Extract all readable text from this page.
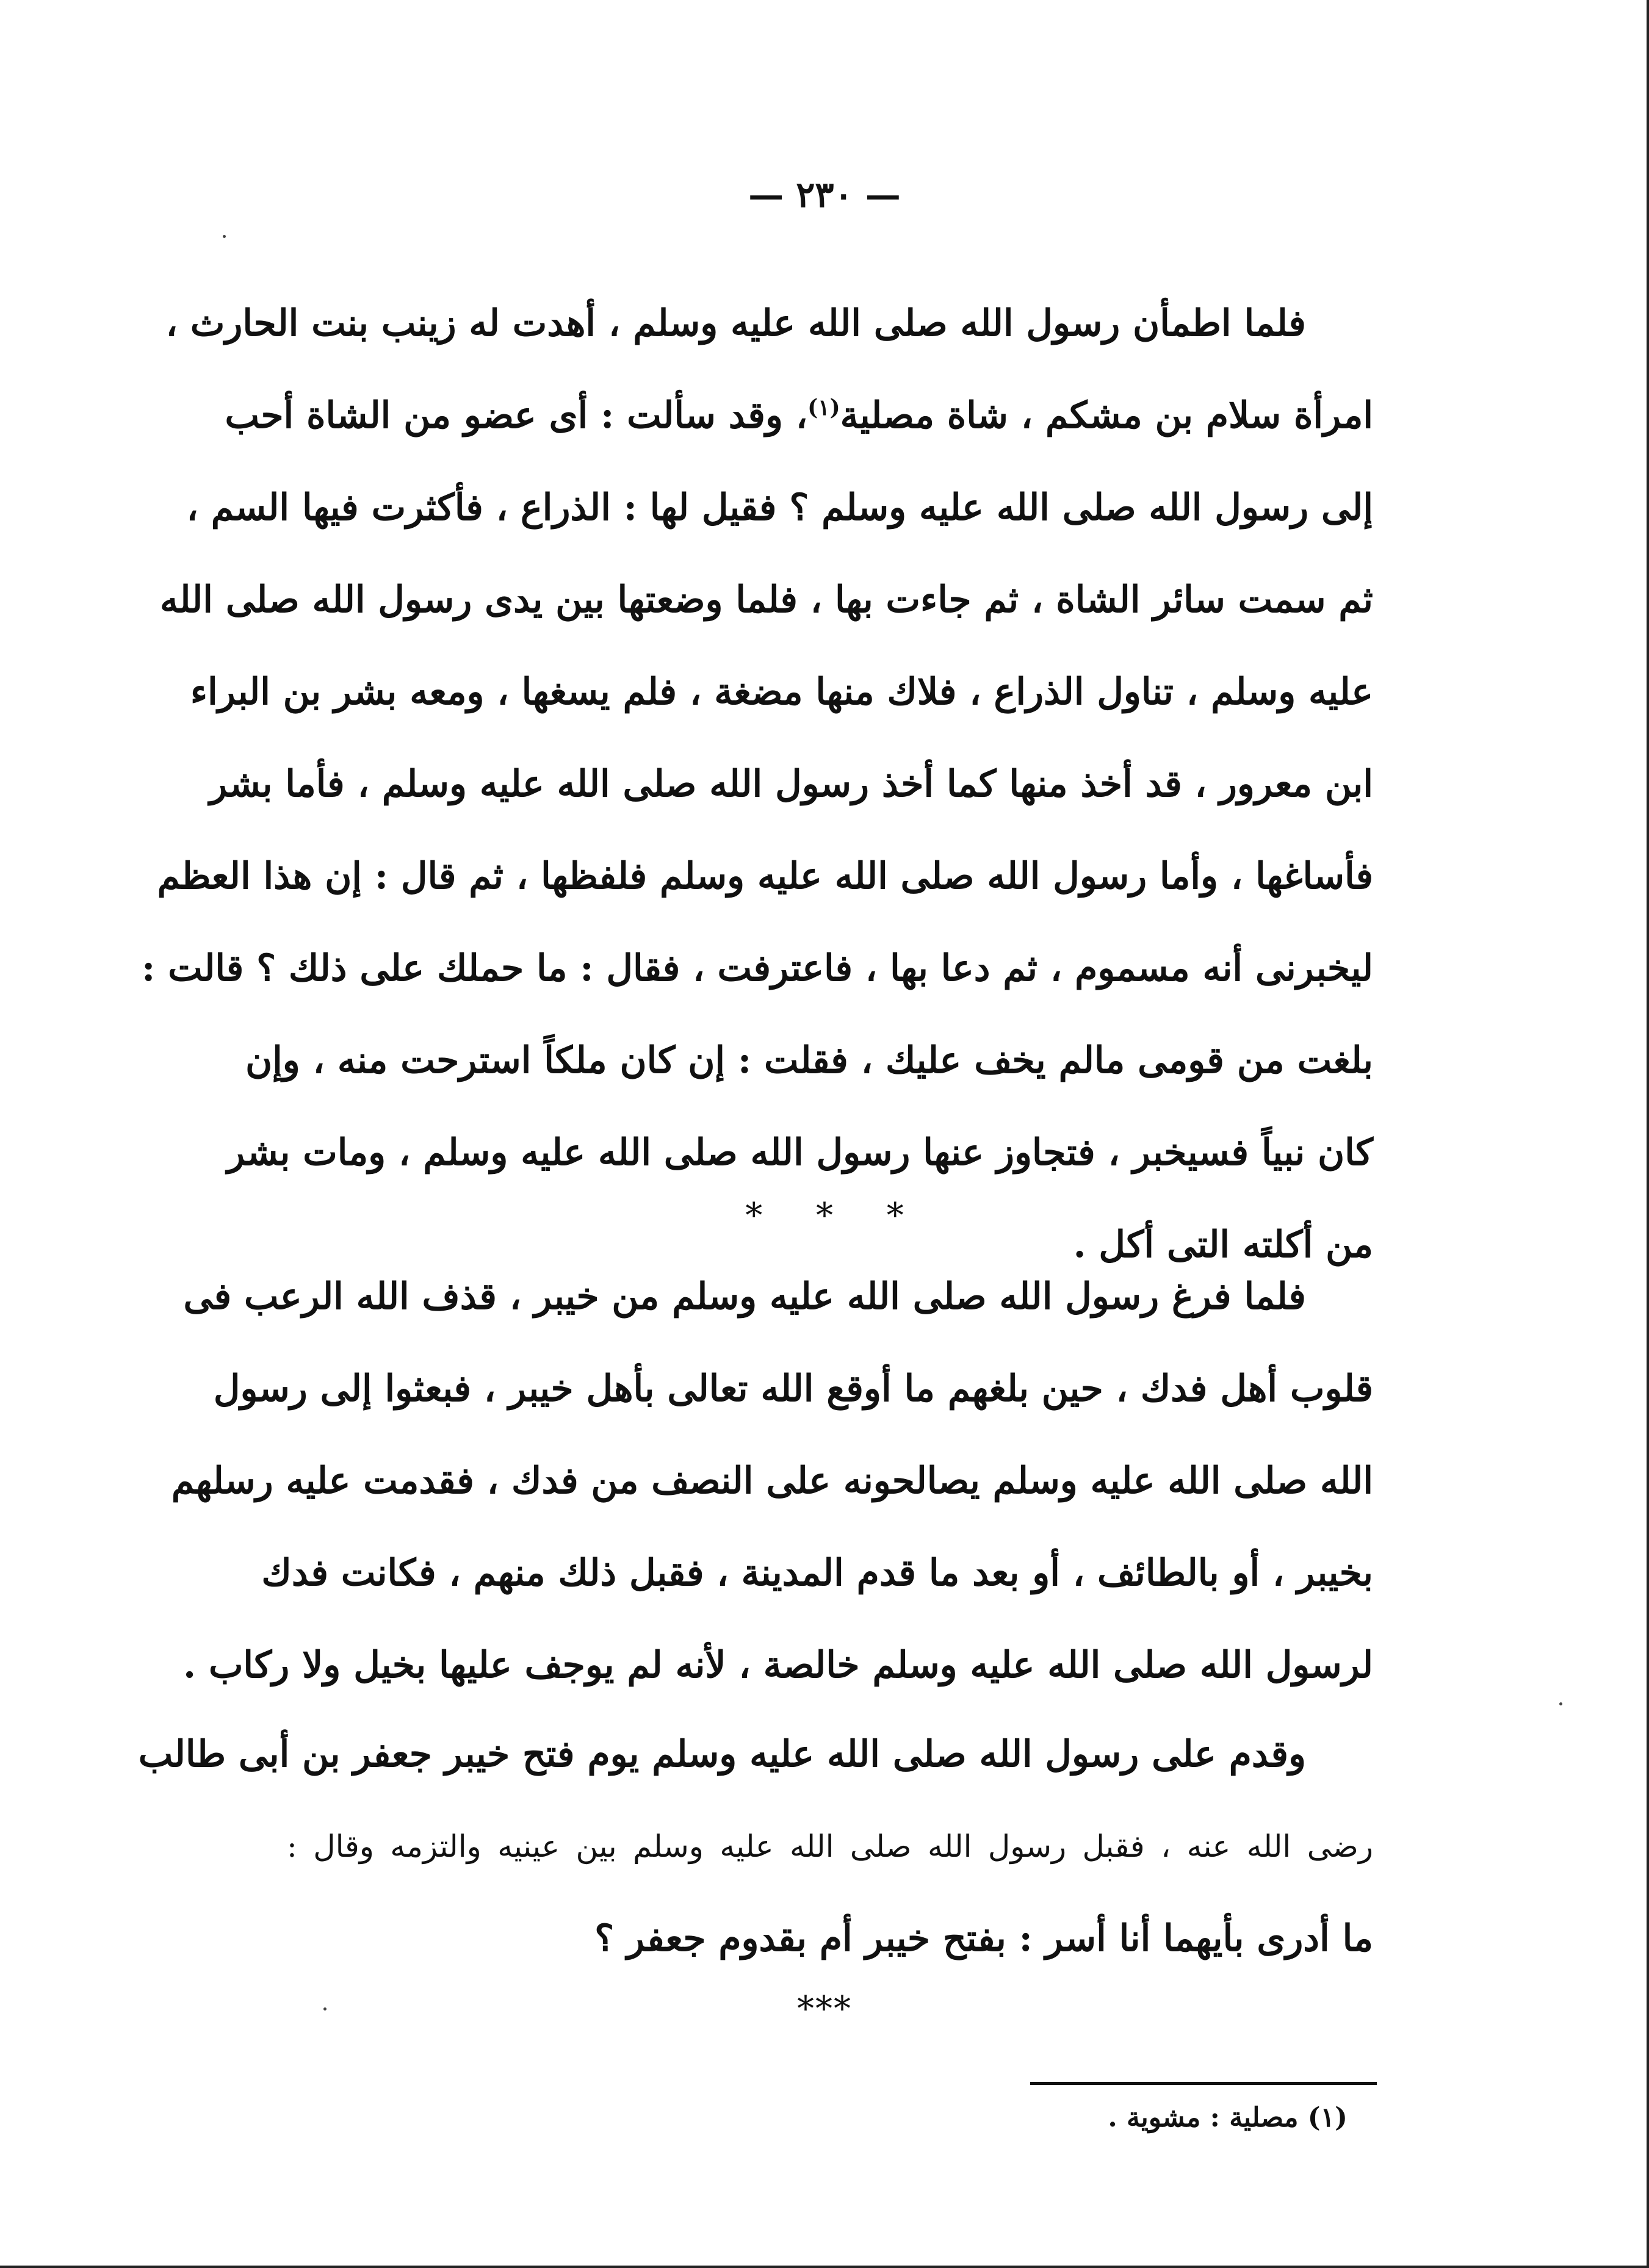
— ٢٣٠ —
فلما اطمأن رسول الله صلى الله عليه وسلم ، أهدت له زينب بنت الحارث ،
امرأة سلام بن مشكم ، شاة مصلية$^{(١)}$، وقد سألت : أى عضو من الشاة أحب
إلى رسول الله صلى الله عليه وسلم ؟ فقيل لها : الذراع ، فأكثرت فيها السم ،
ثم سمت سائر الشاة ، ثم جاءت بها ، فلما وضعتها بين يدى رسول الله صلى الله
عليه وسلم ، تناول الذراع ، فلاك منها مضغة ، فلم يسغها ، ومعه بشر بن البراء
ابن معرور ، قد أخذ منها كما أخذ رسول الله صلى الله عليه وسلم ، فأما بشر
فأساغها ، وأما رسول الله صلى الله عليه وسلم فلفظها ، ثم قال : إن هذا العظم
ليخبرنى أنه مسموم ، ثم دعا بها ، فاعترفت ، فقال : ما حملك على ذلك ؟ قالت :
بلغت من قومى مالم يخف عليك ، فقلت : إن كان ملكاً استرحت منه ، وإن
كان نبياً فسيخبر ، فتجاوز عنها رسول الله صلى الله عليه وسلم ، ومات بشر
من أكلته التى أكل .
* * *
فلما فرغ رسول الله صلى الله عليه وسلم من خيبر ، قذف الله الرعب فى
قلوب أهل فدك ، حين بلغهم ما أوقع الله تعالى بأهل خيبر ، فبعثوا إلى رسول
الله صلى الله عليه وسلم يصالحونه على النصف من فدك ، فقدمت عليه رسلهم
بخيبر ، أو بالطائف ، أو بعد ما قدم المدينة ، فقبل ذلك منهم ، فكانت فدك
لرسول الله صلى الله عليه وسلم خالصة ، لأنه لم يوجف عليها بخيل ولا ركاب .
وقدم على رسول الله صلى الله عليه وسلم يوم فتح خيبر جعفر بن أبى طالب
رضى الله عنه ، فقبل رسول الله صلى الله عليه وسلم بين عينيه والتزمه وقال :
ما أدرى بأيهما أنا أسر : بفتح خيبر أم بقدوم جعفر ؟
***
(١) مصلية : مشوية .
